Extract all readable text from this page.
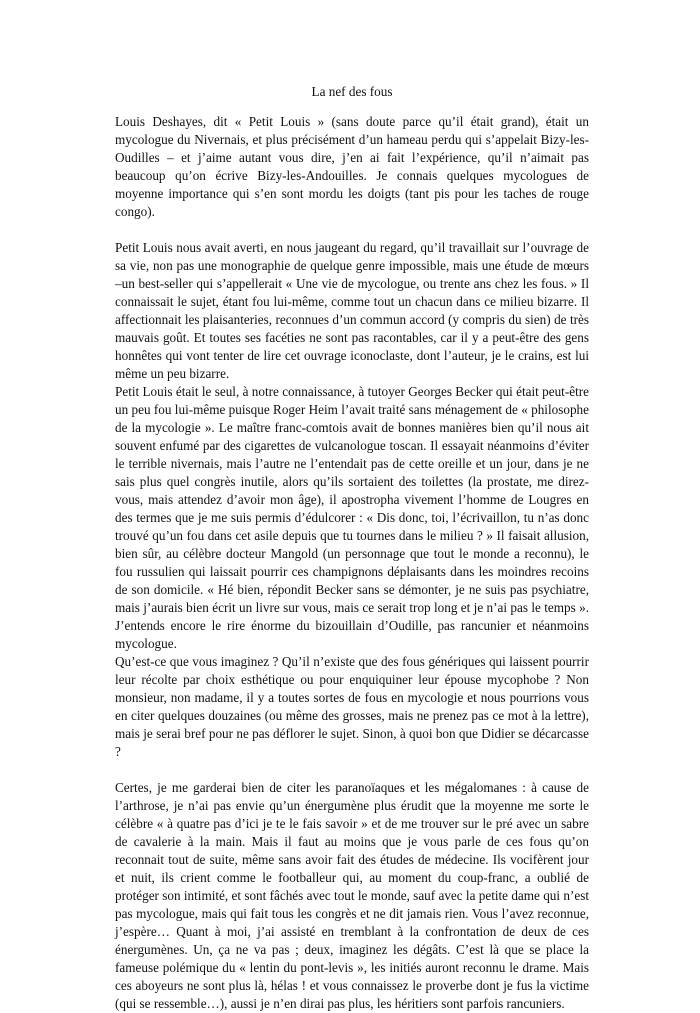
La nef des fous

Louis Deshayes, dit « Petit Louis » (sans doute parce qu’il était grand), était un mycologue du Nivernais, et plus précisément d’un hameau perdu qui s’appelait Bizy-les-Oudilles – et j’aime autant vous dire, j’en ai fait l’expérience, qu’il n’aimait pas beaucoup qu’on écrive Bizy-les-Andouilles. Je connais quelques mycologues de moyenne importance qui s’en sont mordu les doigts (tant pis pour les taches de rouge congo).

Petit Louis nous avait averti, en nous jaugeant du regard, qu’il travaillait sur l’ouvrage de sa vie, non pas une monographie de quelque genre impossible, mais une étude de mœurs –un best-seller qui s’appellerait « Une vie de mycologue, ou trente ans chez les fous. » Il connaissait le sujet, étant fou lui-même, comme tout un chacun dans ce milieu bizarre. Il affectionnait les plaisanteries, reconnues d’un commun accord (y compris du sien) de très mauvais goût. Et toutes ses facéties ne sont pas racontables, car il y a peut-être des gens honnêtes qui vont tenter de lire cet ouvrage iconoclaste, dont l’auteur, je le crains, est lui même un peu bizarre.

Petit Louis était le seul, à notre connaissance, à tutoyer Georges Becker qui était peut-être un peu fou lui-même puisque Roger Heim l’avait traité sans ménagement de « philosophe de la mycologie ». Le maître franc-comtois avait de bonnes manières bien qu’il nous ait souvent enfumé par des cigarettes de vulcanologue toscan. Il essayait néanmoins d’éviter le terrible nivernais, mais l’autre ne l’entendait pas de cette oreille et un jour, dans je ne sais plus quel congrès inutile, alors qu’ils sortaient des toilettes (la prostate, me direz-vous, mais attendez d’avoir mon âge), il apostropha vivement l’homme de Lougres en des termes que je me suis permis d’édulcorer : « Dis donc, toi, l’écrivaillon, tu n’as donc trouvé qu’un fou dans cet asile depuis que tu tournes dans le milieu ? » Il faisait allusion, bien sûr, au célèbre docteur Mangold (un personnage que tout le monde a reconnu), le fou russulien qui laissait pourrir ces champignons déplaisants dans les moindres recoins de son domicile. « Hé bien, répondit Becker sans se démonter, je ne suis pas psychiatre, mais j’aurais bien écrit un livre sur vous, mais ce serait trop long et je n’ai pas le temps ». J’entends encore le rire énorme du bizouillain d’Oudille, pas rancunier et néanmoins mycologue.

Qu’est-ce que vous imaginez ? Qu’il n’existe que des fous génériques qui laissent pourrir leur récolte par choix esthétique ou pour enquiquiner leur épouse mycophobe ? Non monsieur, non madame, il y a toutes sortes de fous en mycologie et nous pourrions vous en citer quelques douzaines (ou même des grosses, mais ne prenez pas ce mot à la lettre), mais je serai bref pour ne pas déflorer le sujet. Sinon, à quoi bon que Didier se décarcasse ?

Certes, je me garderai bien de citer les paranoïaques et les mégalomanes : à cause de l’arthrose, je n’ai pas envie qu’un énergumène plus érudit que la moyenne me sorte le célèbre « à quatre pas d’ici je te le fais savoir » et de me trouver sur le pré avec un sabre de cavalerie à la main. Mais il faut au moins que je vous parle de ces fous qu’on reconnait tout de suite, même sans avoir fait des études de médecine. Ils vocifèrent jour et nuit, ils crient comme le footballeur qui, au moment du coup-franc, a oublié de protéger son intimité, et sont fâchés avec tout le monde, sauf avec la petite dame qui n’est pas mycologue, mais qui fait tous les congrès et ne dit jamais rien. Vous l’avez reconnue, j’espère… Quant à moi, j’ai assisté en tremblant à la confrontation de deux de ces énergumènes. Un, ça ne va pas ; deux, imaginez les dégâts. C’est là que se place la fameuse polémique du « lentin du pont-levis », les initiés auront reconnu le drame. Mais ces aboyeurs ne sont plus là, hélas ! et vous connaissez le proverbe dont je fus la victime (qui se ressemble…), aussi je n’en dirai pas plus, les héritiers sont parfois rancuniers.
